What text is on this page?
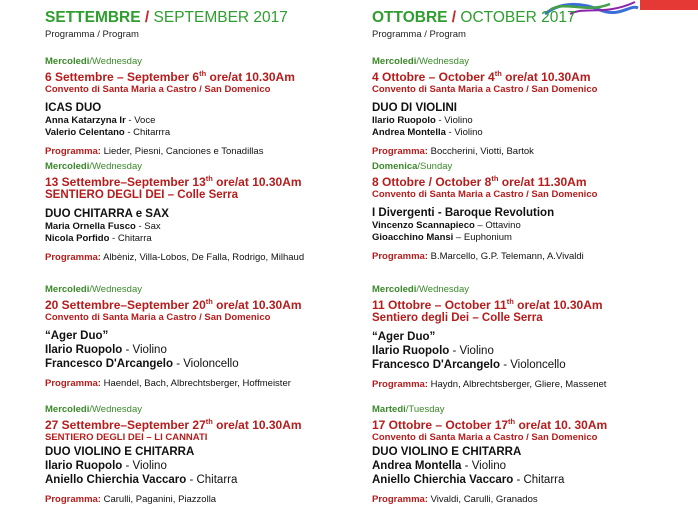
SETTEMBRE / SEPTEMBER 2017
Programma / Program
Mercoledi/Wednesday
6 Settembre – September 6th ore/at 10.30Am
Convento di Santa Maria a Castro / San Domenico
ICAS DUO
Anna Katarzyna Ir - Voce
Valerio Celentano - Chitarrra
Programma: Lieder, Piesni, Canciones e Tonadillas
Mercoledi/Wednesday
13 Settembre–September 13th ore/at 10.30Am
SENTIERO DEGLI DEI – Colle Serra
DUO CHITARRA e SAX
Maria Ornella Fusco - Sax
Nicola Porfido - Chitarra
Programma: Albèniz, Villa-Lobos, De Falla, Rodrigo, Milhaud
Mercoledi/Wednesday
20 Settembre–September 20th ore/at 10.30Am
Convento di Santa Maria a Castro / San Domenico
“Ager Duo”
Ilario Ruopolo - Violino
Francesco D'Arcangelo - Violoncello
Programma: Haendel, Bach, Albrechtsberger, Hoffmeister
Mercoledi/Wednesday
27 Settembre–September 27th ore/at 10.30Am
SENTIERO DEGLI DEI – LI CANNATI
DUO VIOLINO E CHITARRA
Ilario Ruopolo - Violino
Aniello Chierchia Vaccaro - Chitarra
Programma: Carulli, Paganini, Piazzolla
OTTOBRE / OCTOBER 2017
Programma / Program
Mercoledi/Wednesday
4 Ottobre – October 4th ore/at 10.30Am
Convento di Santa Maria a Castro / San Domenico
DUO DI VIOLINI
Ilario Ruopolo - Violino
Andrea Montella - Violino
Programma: Boccherini, Viotti, Bartok
Domenica/Sunday
8 Ottobre / October 8th ore/at 11.30Am
Convento di Santa Maria a Castro / San Domenico
I Divergenti - Baroque Revolution
Vincenzo Scannapieco – Ottavino
Gioacchino Mansi – Euphonium
Programma: B.Marcello, G.P. Telemann, A.Vivaldi
Mercoledi/Wednesday
11 Ottobre – October 11th ore/at 10.30Am
Sentiero degli Dei – Colle Serra
“Ager Duo”
Ilario Ruopolo - Violino
Francesco D'Arcangelo - Violoncello
Programma: Haydn, Albrechtsberger, Gliere, Massenet
Martedi/Tuesday
17 Ottobre – October 17th ore/at 10. 30Am
Convento di Santa Maria a Castro / San Domenico
DUO VIOLINO E CHITARRA
Andrea Montella - Violino
Aniello Chierchia Vaccaro - Chitarra
Programma: Vivaldi, Carulli, Granados
